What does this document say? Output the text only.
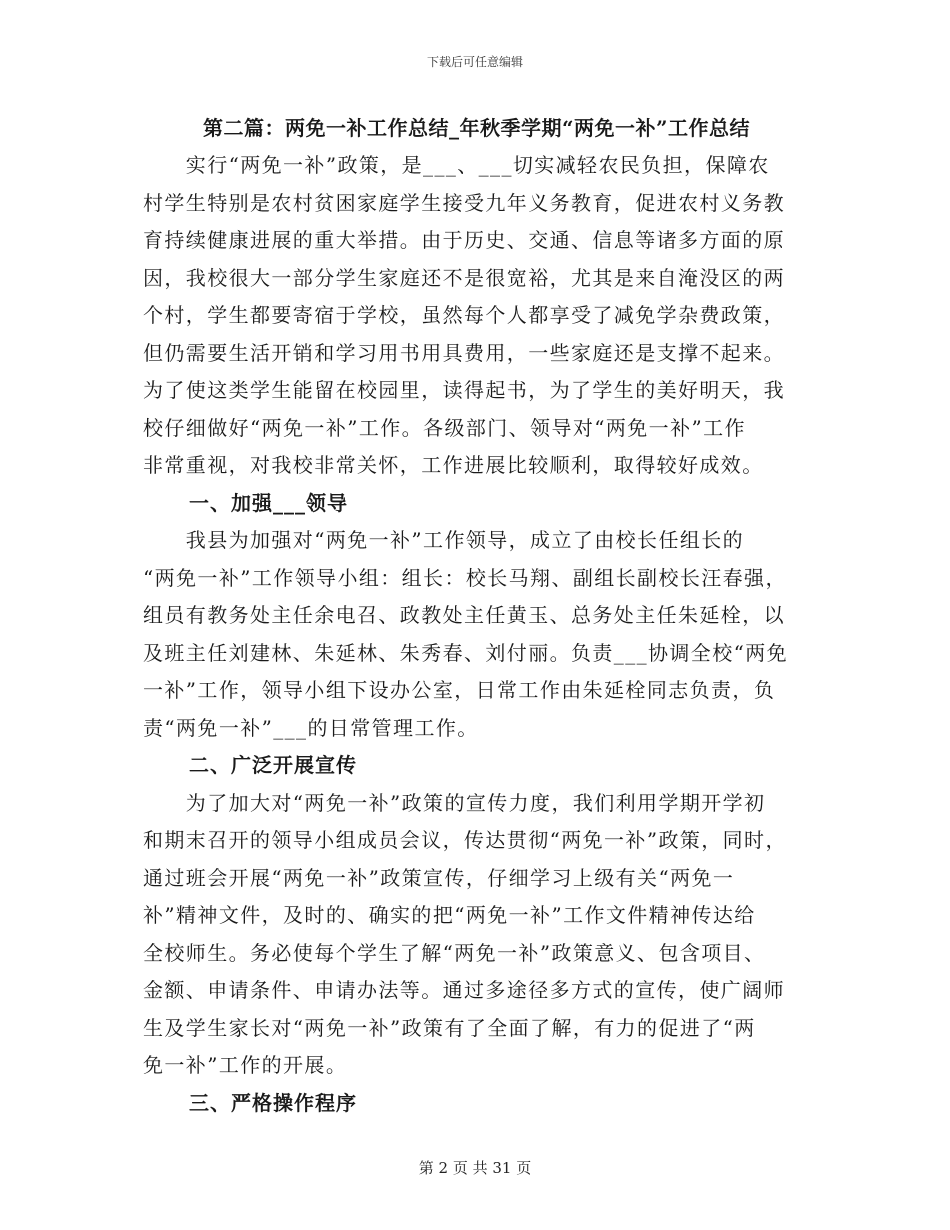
下载后可任意编辑
第二篇：两免一补工作总结_年秋季学期“两免一补”工作总结
　　实行“两免一补”政策，是___、___切实减轻农民负担，保障农
村学生特别是农村贫困家庭学生接受九年义务教育，促进农村义务教
育持续健康进展的重大举措。由于历史、交通、信息等诸多方面的原
因，我校很大一部分学生家庭还不是很宽裕，尤其是来自淹没区的两
个村，学生都要寄宿于学校，虽然每个人都享受了减免学杂费政策，
但仍需要生活开销和学习用书用具费用，一些家庭还是支撑不起来。
为了使这类学生能留在校园里，读得起书，为了学生的美好明天，我
校仔细做好“两免一补”工作。各级部门、领导对“两免一补”工作
非常重视，对我校非常关怀，工作进展比较顺利，取得较好成效。
一、加强___领导
　　我县为加强对“两免一补”工作领导，成立了由校长任组长的
“两免一补”工作领导小组：组长：校长马翔、副组长副校长汪春强，
组员有教务处主任余电召、政教处主任黄玉、总务处主任朱延栓，以
及班主任刘建林、朱延林、朱秀春、刘付丽。负责___协调全校“两免
一补”工作，领导小组下设办公室，日常工作由朱延栓同志负责，负
责“两免一补”___的日常管理工作。
二、广泛开展宣传
　　为了加大对“两免一补”政策的宣传力度，我们利用学期开学初
和期末召开的领导小组成员会议，传达贯彻“两免一补”政策，同时，
通过班会开展“两免一补”政策宣传，仔细学习上级有关“两免一
补”精神文件，及时的、确实的把“两免一补”工作文件精神传达给
全校师生。务必使每个学生了解“两免一补”政策意义、包含项目、
金额、申请条件、申请办法等。通过多途径多方式的宣传，使广阔师
生及学生家长对“两免一补”政策有了全面了解，有力的促进了“两
免一补”工作的开展。
三、严格操作程序
第 2 页 共 31 页
